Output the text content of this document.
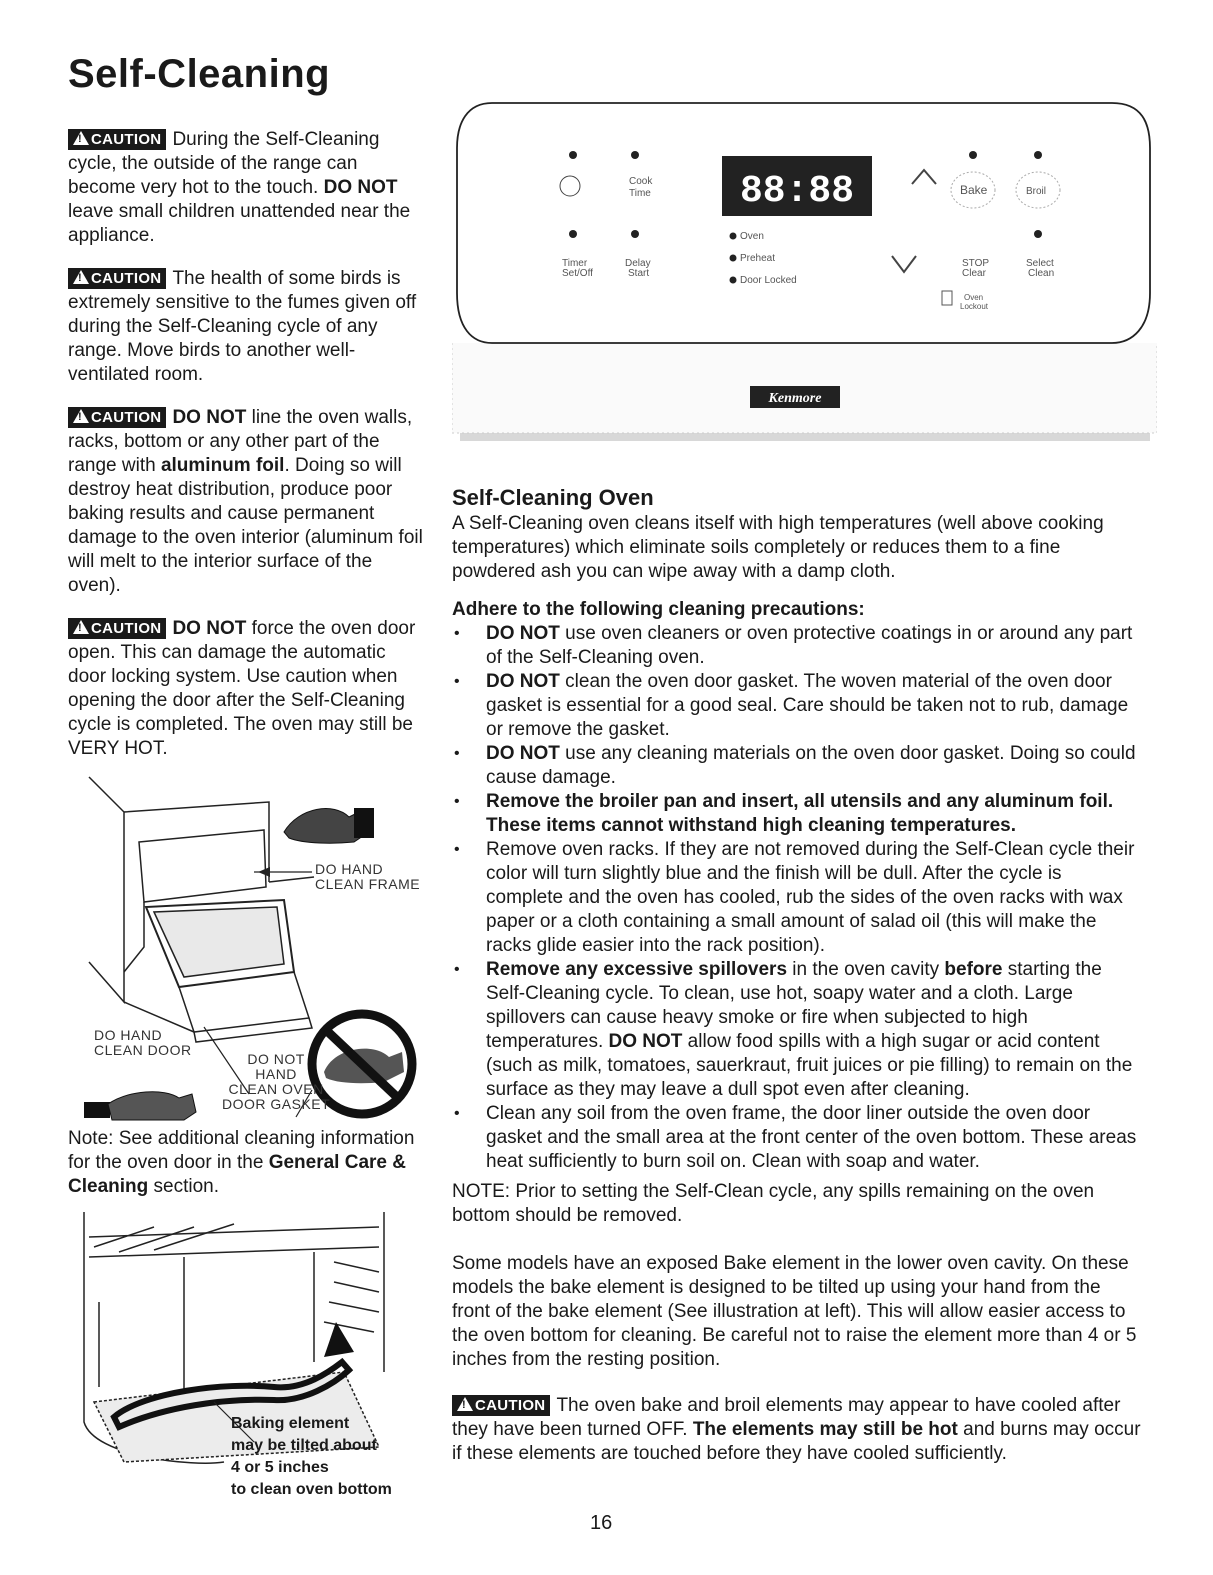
Self-Cleaning

!CAUTION During the Self-Cleaning cycle, the outside of the range can become very hot to the touch. DO NOT leave small children unattended near the appliance.

!CAUTION The health of some birds is extremely sensitive to the fumes given off during the Self-Cleaning cycle of any range. Move birds to another well-ventilated room.

!CAUTION DO NOT line the oven walls, racks, bottom or any other part of the range with aluminum foil. Doing so will destroy heat distribution, produce poor baking results and cause permanent damage to the oven interior (aluminum foil will melt to the interior surface of the oven).

!CAUTION DO NOT force the oven door open. This can damage the automatic door locking system. Use caution when opening the door after the Self-Cleaning cycle is completed. The oven may still be VERY HOT.

DO HAND
CLEAN FRAME
DO HAND
CLEAN DOOR
DO NOT
HAND
CLEAN OVEN
DOOR GASKET
Note: See additional cleaning information for the oven door in the General Care & Cleaning section.
Baking element
may be tilted about
4 or 5 inches
to clean oven bottom
Kenmore
88:88
Cook
Time
Timer
Set/Off
Delay
Start
Oven
Preheat
Door Locked
Bake	Broil
STOP
Clear
Select
Clean
Oven
Lockout
Self-Cleaning Oven

A Self-Cleaning oven cleans itself with high temperatures (well above cooking temperatures) which eliminate soils completely or reduces them to a fine powdered ash you can wipe away with a damp cloth.

Adhere to the following cleaning precautions:

• DO NOT use oven cleaners or oven protective coatings in or around any part of the Self-Cleaning oven.
• DO NOT clean the oven door gasket. The woven material of the oven door gasket is essential for a good seal. Care should be taken not to rub, damage or remove the gasket.
• DO NOT use any cleaning materials on the oven door gasket. Doing so could cause damage.
• Remove the broiler pan and insert, all utensils and any aluminum foil. These items cannot withstand high cleaning temperatures.
• Remove oven racks. If they are not removed during the Self-Clean cycle their color will turn slightly blue and the finish will be dull. After the cycle is complete and the oven has cooled, rub the sides of the oven racks with wax paper or a cloth containing a small amount of salad oil (this will make the racks glide easier into the rack position).
• Remove any excessive spillovers in the oven cavity before starting the Self-Cleaning cycle. To clean, use hot, soapy water and a cloth. Large spillovers can cause heavy smoke or fire when subjected to high temperatures. DO NOT allow food spills with a high sugar or acid content (such as milk, tomatoes, sauerkraut, fruit juices or pie filling) to remain on the surface as they may leave a dull spot even after cleaning.
• Clean any soil from the oven frame, the door liner outside the oven door gasket and the small area at the front center of the oven bottom. These areas heat sufficiently to burn soil on. Clean with soap and water.

NOTE: Prior to setting the Self-Clean cycle, any spills remaining on the oven bottom should be removed.

Some models have an exposed Bake element in the lower oven cavity. On these models the bake element is designed to be tilted up using your hand from the front of the bake element (See illustration at left). This will allow easier access to the oven bottom for cleaning. Be careful not to raise the element more than 4 or 5 inches from the resting position.

!CAUTION The oven bake and broil elements may appear to have cooled after they have been turned OFF. The elements may still be hot and burns may occur if these elements are touched before they have cooled sufficiently.

16
